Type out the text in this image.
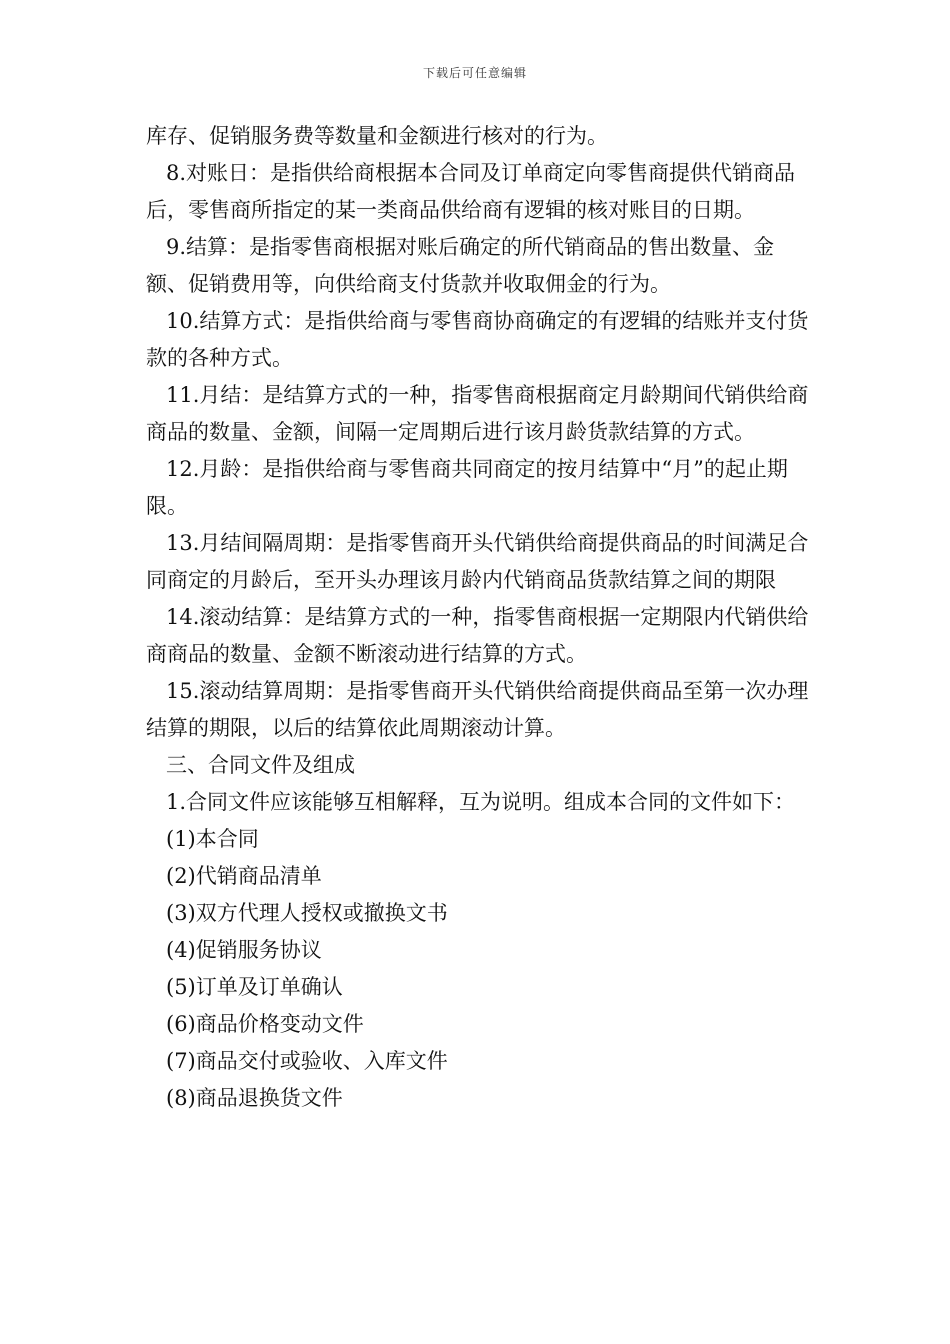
下载后可任意编辑

库存、促销服务费等数量和金额进行核对的行为。

8.对账日：是指供给商根据本合同及订单商定向零售商提供代销商品后，零售商所指定的某一类商品供给商有逻辑的核对账目的日期。

9.结算：是指零售商根据对账后确定的所代销商品的售出数量、金额、促销费用等，向供给商支付货款并收取佣金的行为。

10.结算方式：是指供给商与零售商协商确定的有逻辑的结账并支付货款的各种方式。

11.月结：是结算方式的一种，指零售商根据商定月龄期间代销供给商商品的数量、金额，间隔一定周期后进行该月龄货款结算的方式。

12.月龄：是指供给商与零售商共同商定的按月结算中“月”的起止期限。

13.月结间隔周期：是指零售商开头代销供给商提供商品的时间满足合同商定的月龄后，至开头办理该月龄内代销商品货款结算之间的期限

14.滚动结算：是结算方式的一种，指零售商根据一定期限内代销供给商商品的数量、金额不断滚动进行结算的方式。

15.滚动结算周期：是指零售商开头代销供给商提供商品至第一次办理结算的期限，以后的结算依此周期滚动计算。

三、合同文件及组成

1.合同文件应该能够互相解释，互为说明。组成本合同的文件如下：

(1)本合同

(2)代销商品清单

(3)双方代理人授权或撤换文书

(4)促销服务协议

(5)订单及订单确认

(6)商品价格变动文件

(7)商品交付或验收、入库文件

(8)商品退换货文件
